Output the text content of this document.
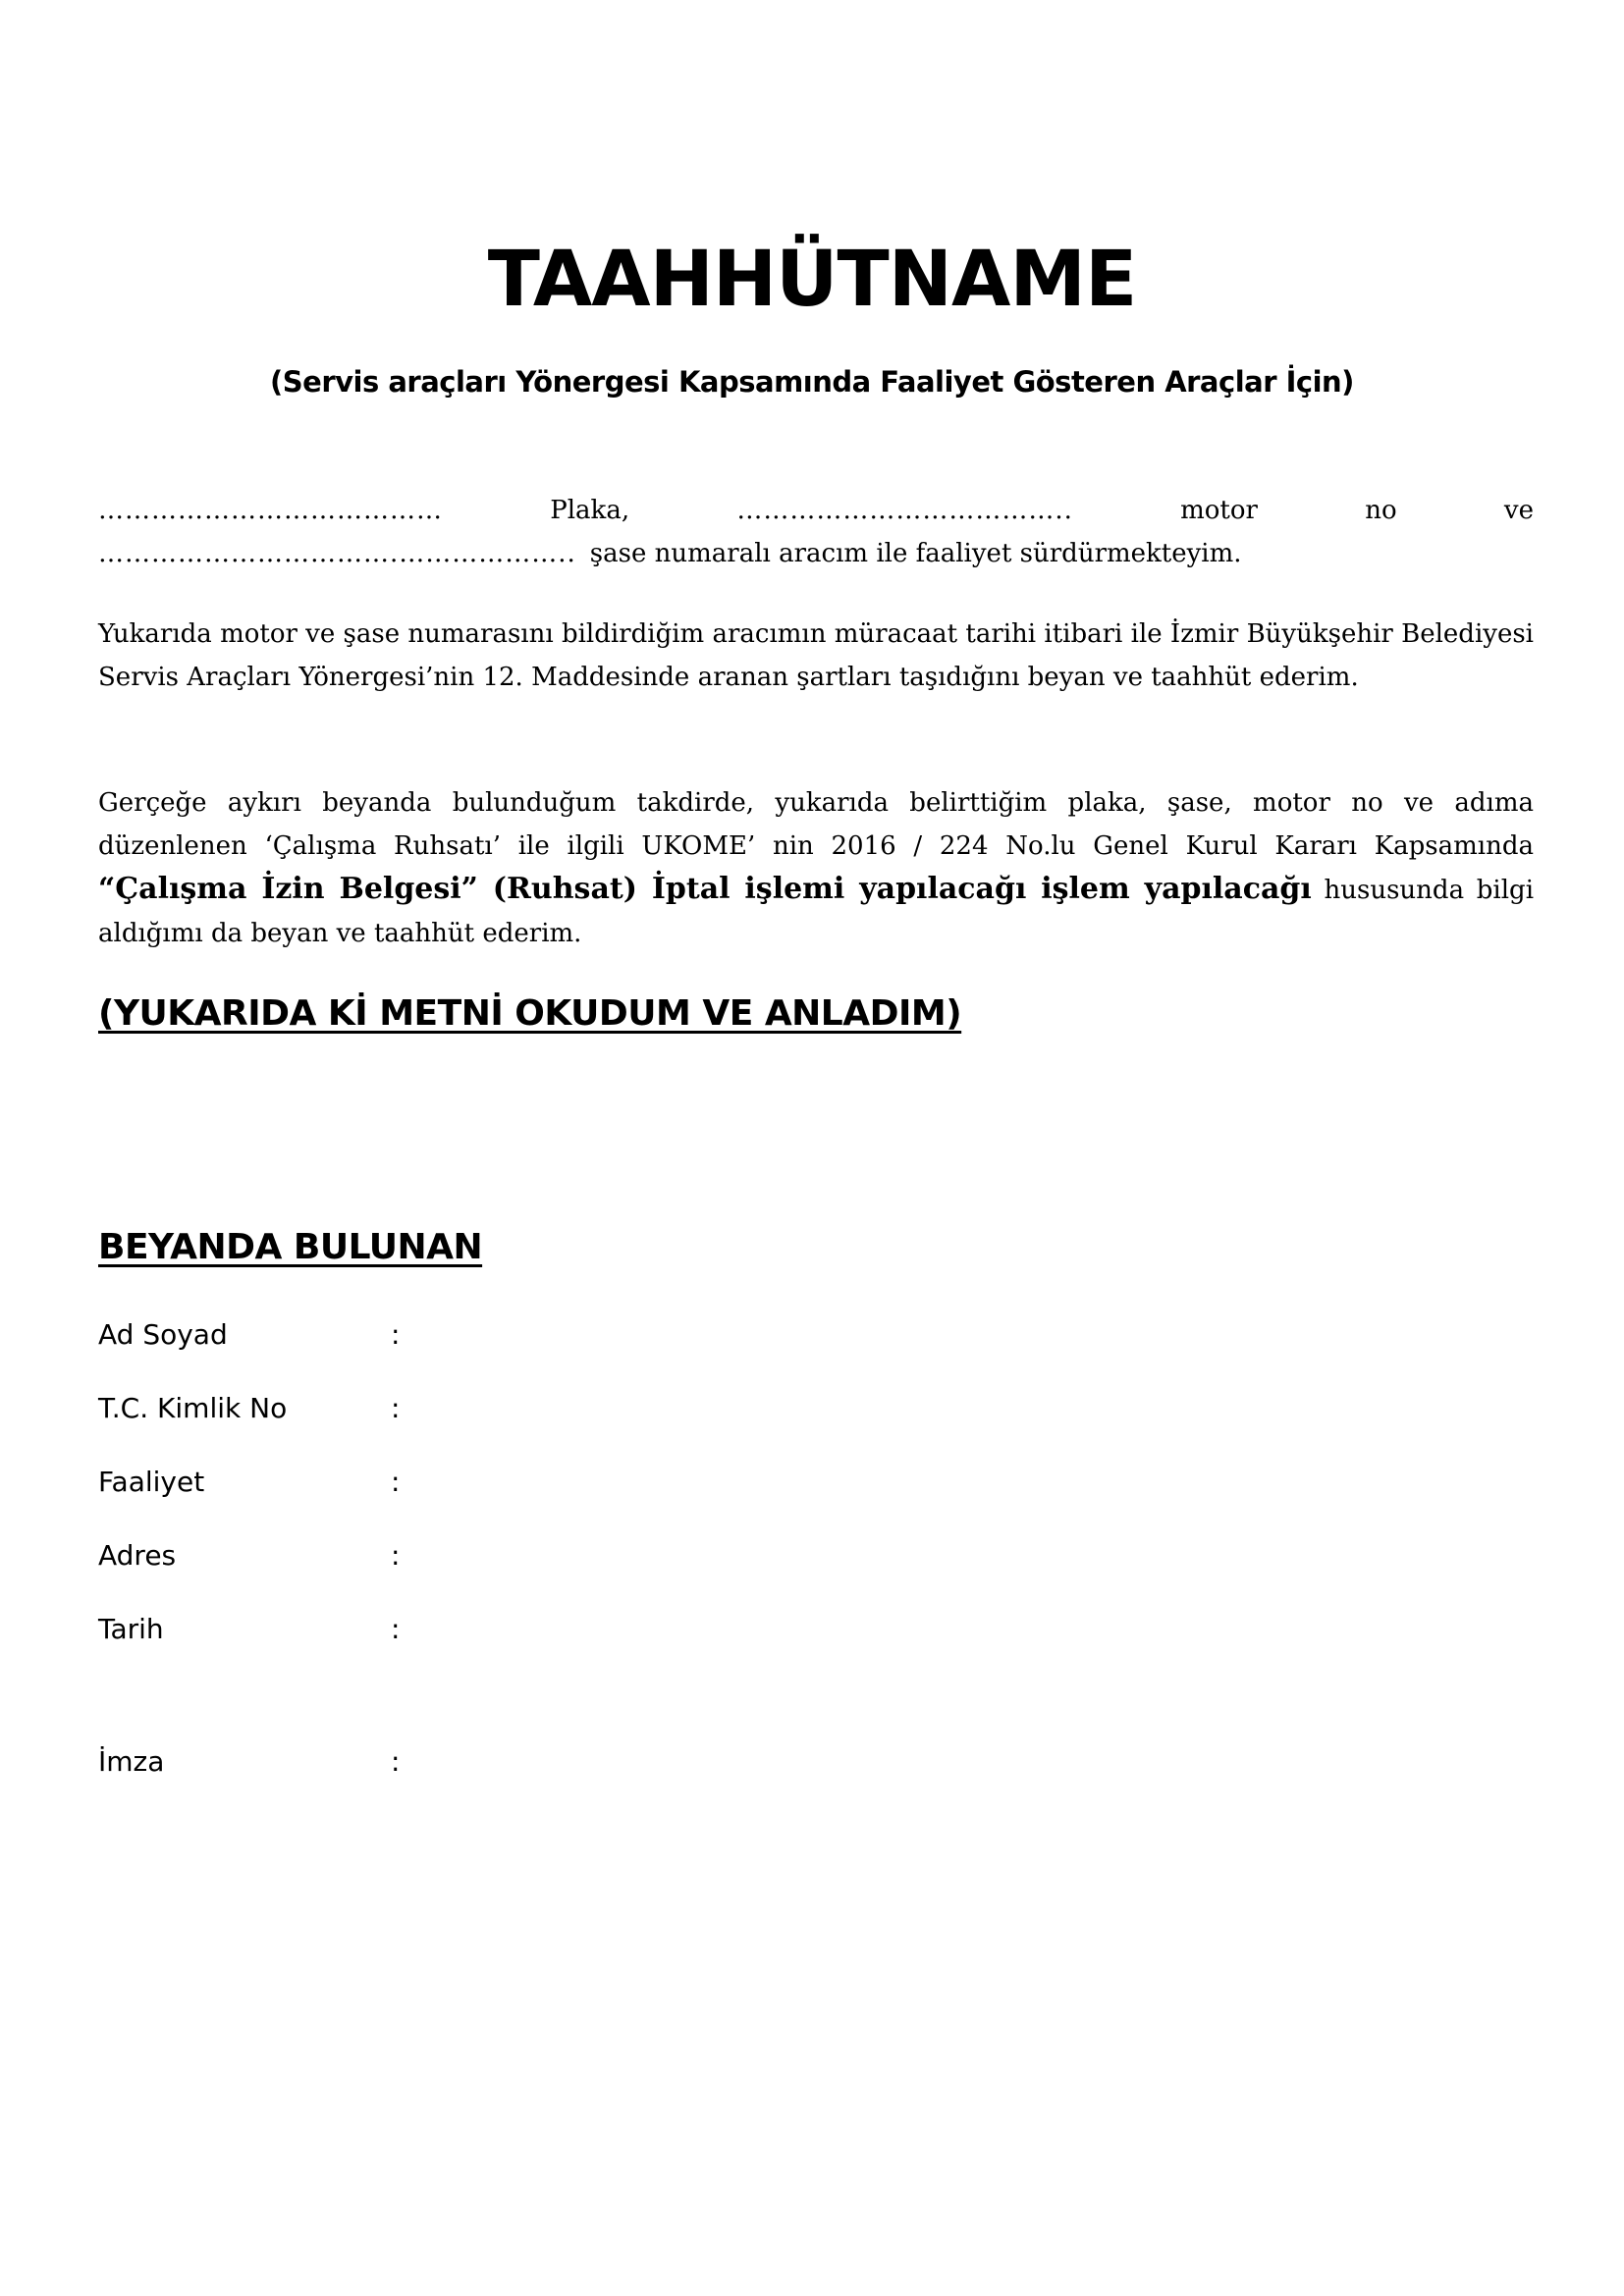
TAAHHÜTNAME
(Servis araçları Yönergesi Kapsamında Faaliyet Gösteren Araçlar İçin)
…………………………………	Plaka,	………………………………..	motor	no	ve
…………………………….……………….. şase numaralı aracım ile faaliyet sürdürmekteyim.
Yukarıda motor ve şase numarasını bildirdiğim aracımın müracaat tarihi itibari ile İzmir Büyükşehir Belediyesi Servis Araçları Yönergesi’nin 12. Maddesinde aranan şartları taşıdığını beyan ve taahhüt ederim.
Gerçeğe aykırı beyanda bulunduğum takdirde, yukarıda belirttiğim plaka, şase, motor no ve adıma düzenlenen ‘Çalışma Ruhsatı’ ile ilgili UKOME’ nin 2016 / 224 No.lu Genel Kurul Kararı Kapsamında “Çalışma İzin Belgesi” (Ruhsat) İptal işlemi yapılacağı işlem yapılacağı hususunda bilgi aldığımı da beyan ve taahhüt ederim.
(YUKARIDA Kİ METNİ OKUDUM VE ANLADIM)
BEYANDA BULUNAN
Ad Soyad	:
T.C. Kimlik No	:
Faaliyet	:
Adres	:
Tarih	:
İmza	:
